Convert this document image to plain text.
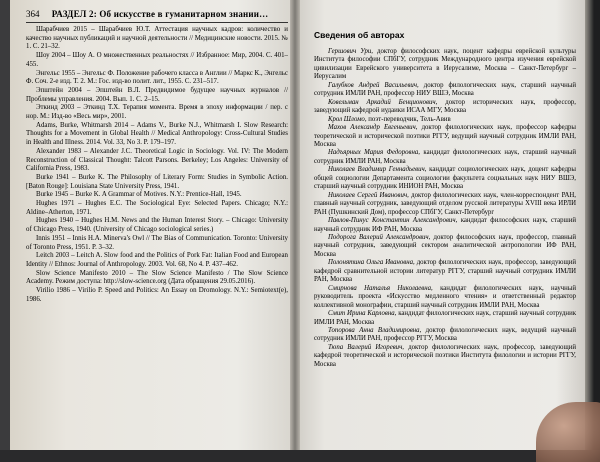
364 РАЗДЕЛ 2: Об искусстве в гуманитарном знании…

Шарабчиев 2015 – Шарабчиев Ю.Т. Аттестация научных кадров: количество и качество научных публикаций и научной деятельности // Медицинские новости. 2015. № 1. С. 21–32.

Шоу 2004 – Шоу А. О множественных реальностях // Избранное: Мир, 2004. С. 401–455.

Энгельс 1955 – Энгельс Ф. Положение рабочего класса в Англии // Маркс К., Энгельс Ф. Соч. 2-е изд. Т. 2. М.: Гос. изд-во полит. лит., 1955. С. 231–517.

Эпштейн 2004 – Эпштейн В.Л. Предвидимое будущее научных журналов // Проблемы управления. 2004. Вып. 1. С. 2–15.

Эткинд 2003 – Эткинд Т.Х. Терапия момента. Время в эпоху информации / пер. с нор. М.: Изд-во «Весь мир», 2001.

Adams, Burke, Whitmarsh 2014 – Adams V., Burke N.J., Whitmarsh I. Slow Research: Thoughts for a Movement in Global Health // Medical Anthropology: Cross-Cultural Studies in Health and Illness. 2014. Vol. 33, No 3. P. 179–197.

Alexander 1983 – Alexander J.C. Theoretical Logic in Sociology. Vol. IV: The Modern Reconstruction of Classical Thought: Talcott Parsons. Berkeley; Los Angeles: University of California Press, 1983.

Burke 1941 – Burke K. The Philosophy of Literary Form: Studies in Symbolic Action. [Baton Rouge]: Louisiana State University Press, 1941.

Burke 1945 – Burke K. A Grammar of Motives. N.Y.: Prentice-Hall, 1945.

Hughes 1971 – Hughes E.C. The Sociological Eye: Selected Papers. Chicago; N.Y.: Aldine–Atherton, 1971.

Hughes 1940 – Hughes H.M. News and the Human Interest Story. – Chicago: University of Chicago Press, 1940. (University of Chicago sociological series.)

Innis 1951 – Innis H.A. Minerva's Owl // The Bias of Communication. Toronto: University of Toronto Press, 1951. P. 3–32.

Leitch 2003 – Leitch A. Slow food and the Politics of Pork Fat: Italian Food and European Identity // Ethnos: Journal of Anthropology. 2003. Vol. 68, No 4. P. 437–462.

Slow Science Manifesto 2010 – The Slow Science Manifesto / The Slow Science Academy. Режим доступа: http://slow-science.org (Дата обращения 29.05.2016).

Virilio 1986 – Virilio P. Speed and Politics: An Essay on Dromology. N.Y.: Semiotext(e), 1986.

Сведения об авторах

Гершович Ури, доктор философских наук, поцент кафедры еврейской культуры Института философии СПбГУ, сотрудник Международного центра изучения еврейской цивилизации Еврейского университета в Иерусалиме, Москва – Санкт-Петербург – Иерусалим

Галубков Андрей Васильевич, доктор филологических наук, старший научный сотрудник ИМЛИ РАН, профессор НИУ ВШЭ, Москва

Ковельман Аркадий Бенционович, доктор исторических наук, профессор, заведующий кафедрой иудаики ИСАА МГУ, Москва

Крол Шломо, поэт-переводчик, Тель-Авив

Махов Александр Евгеньевич, доктор филологических наук, профессор кафедры теоретической и исторической поэтики РГГУ, ведущий научный сотрудник ИМЛИ РАН, Москва

Надъярных Мария Федоровна, кандидат филологических наук, старший научный сотрудник ИМЛИ РАН, Москва

Николаев Владимир Геннадьевич, кандидат социологических наук, доцент кафедры общей социологии Департамента социологии факультета социальных наук НИУ ВШЭ, старший научный сотрудник ИНИОН РАН, Москва

Николаев Сергей Иванович, доктор филологических наук, член-корреспондент РАН, главный научный сотрудник, заведующий отделом русской литературы XVIII века ИРЛИ РАН (Пушкинский Дом), профессор СПбГУ, Санкт-Петербург

Павлов-Пинус Константин Александрович, кандидат философских наук, старший научный сотрудник ИФ РАН, Москва

Подорога Валерий Александрович, доктор философских наук, профессор, главный научный сотрудник, заведующий сектором аналитической антропологии ИФ РАН, Москва

Полонятина Ольга Ивановна, доктор филологических наук, профессор, заведующий кафедрой сравнительной истории литератур РГГУ, старший научный сотрудник ИМЛИ РАН, Москва

Смирнова Наталья Николаевна, кандидат филологических наук, научный руководитель проекта «Искусство медленного чтения» и ответственный редактор коллективной монографии, старший научный сотрудник ИМЛИ РАН, Москва

Смит Ирина Карловна, кандидат филологических наук, старший научный сотрудник ИМЛИ РАН, Москва

Топорова Анна Владимировна, доктор филологических наук, ведущий научный сотрудник ИМЛИ РАН, профессор РГГУ, Москва

Тюпа Валерий Игоревич, доктор филологических наук, профессор, заведующий кафедрой теоретической и исторической поэтики Института филологии и истории РГГУ, Москва
